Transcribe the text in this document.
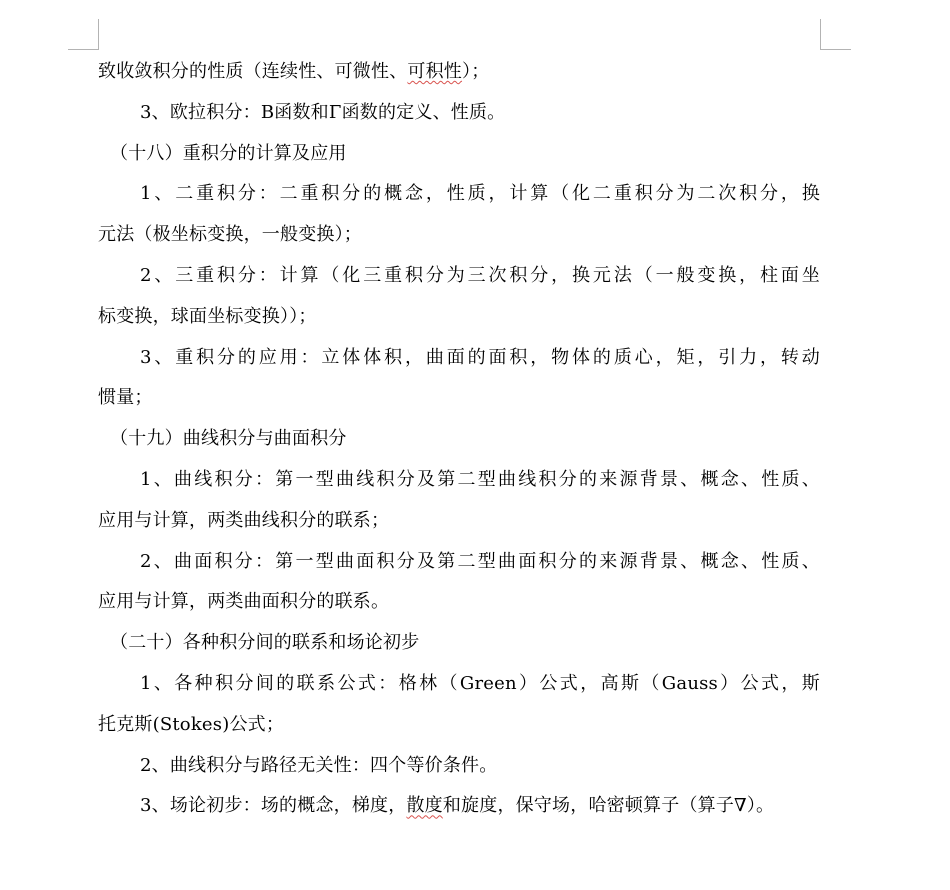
致收敛积分的性质（连续性、可微性、可积性）；
3、欧拉积分：Β函数和Γ函数的定义、性质。
（十八）重积分的计算及应用
1、二重积分：二重积分的概念，性质，计算（化二重积分为二次积分，换
元法（极坐标变换，一般变换）；
2、三重积分：计算（化三重积分为三次积分，换元法（一般变换，柱面坐
标变换，球面坐标变换））；
3、重积分的应用：立体体积，曲面的面积，物体的质心，矩，引力，转动
惯量；
（十九）曲线积分与曲面积分
1、曲线积分：第一型曲线积分及第二型曲线积分的来源背景、概念、性质、
应用与计算，两类曲线积分的联系；
2、曲面积分：第一型曲面积分及第二型曲面积分的来源背景、概念、性质、
应用与计算，两类曲面积分的联系。
（二十）各种积分间的联系和场论初步
1、各种积分间的联系公式：格林（Green）公式，高斯（Gauss）公式，斯
托克斯(Stokes)公式；
2、曲线积分与路径无关性：四个等价条件。
3、场论初步：场的概念，梯度，散度和旋度，保守场，哈密顿算子（算子∇）。
